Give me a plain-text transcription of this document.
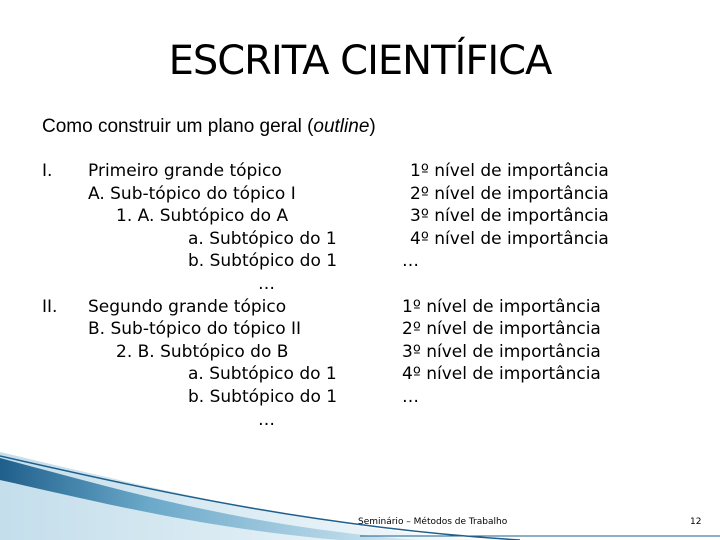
ESCRITA CIENTÍFICA
Como construir um plano geral (outline)
I. Primeiro grande tópico	1º nível de importância
A. Sub-tópico do tópico I	2º nível de importância
1. A. Subtópico do A	3º nível de importância
a. Subtópico do 1	4º nível de importância
b. Subtópico do 1	…
…
II. Segundo grande tópico	1º nível de importância
B. Sub-tópico do tópico II	2º nível de importância
2. B. Subtópico do B	3º nível de importância
a. Subtópico do 1	4º nível de importância
b. Subtópico do 1	…
…
Seminário – Métodos de Trabalho	12
